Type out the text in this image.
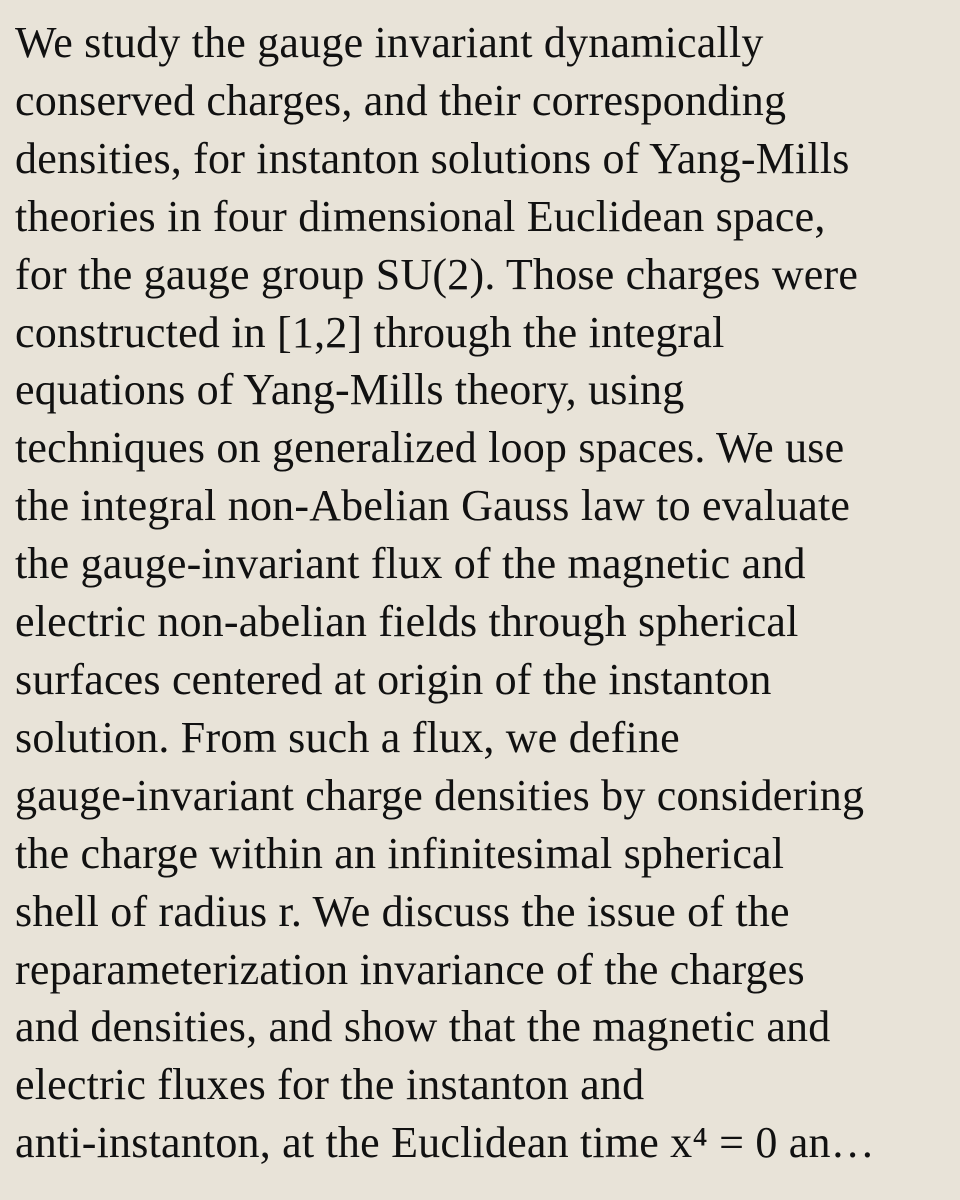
We study the gauge invariant dynamically
conserved charges, and their corresponding
densities, for instanton solutions of Yang-Mills
theories in four dimensional Euclidean space,
for the gauge group SU(2). Those charges were
constructed in [1,2] through the integral
equations of Yang-Mills theory, using
techniques on generalized loop spaces. We use
the integral non-Abelian Gauss law to evaluate
the gauge-invariant flux of the magnetic and
electric non-abelian fields through spherical
surfaces centered at origin of the instanton
solution. From such a flux, we define
gauge-invariant charge densities by considering
the charge within an infinitesimal spherical
shell of radius r. We discuss the issue of the
reparameterization invariance of the charges
and densities, and show that the magnetic and
electric fluxes for the instanton and
anti-instanton, at the Euclidean time x⁴ = 0 an…
